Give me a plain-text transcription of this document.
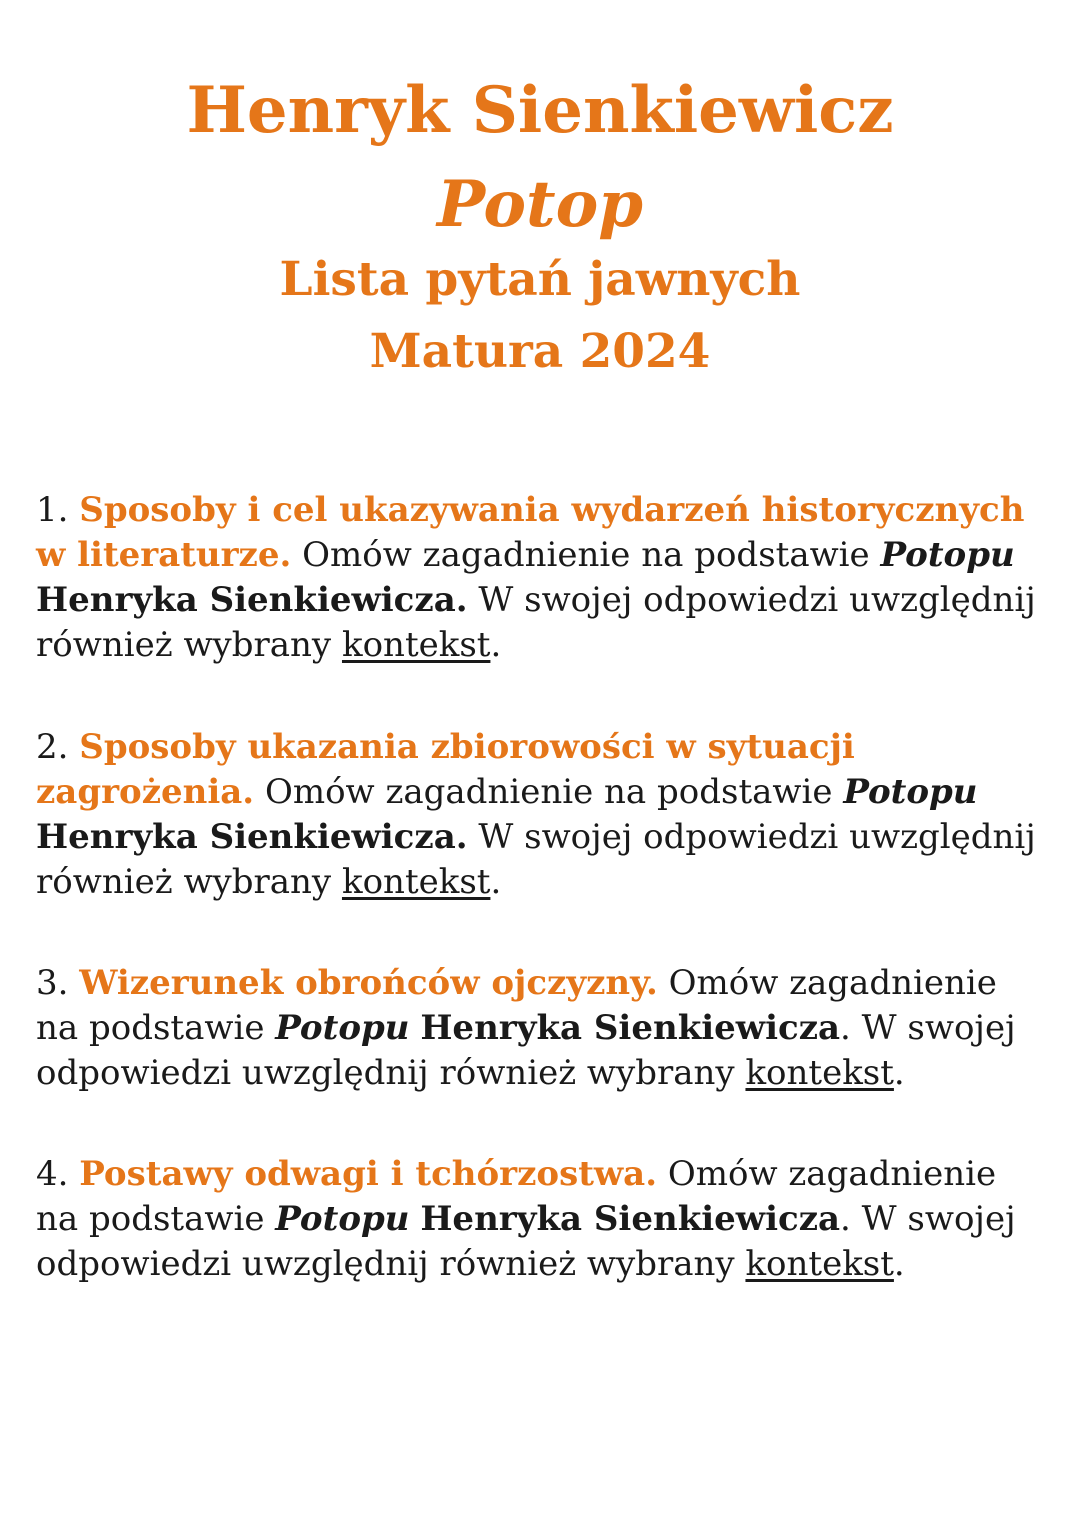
Henryk Sienkiewicz
Potop
Lista pytań jawnych
Matura 2024

1. Sposoby i cel ukazywania wydarzeń historycznych w literaturze. Omów zagadnienie na podstawie Potopu Henryka Sienkiewicza. W swojej odpowiedzi uwzględnij również wybrany kontekst.

2. Sposoby ukazania zbiorowości w sytuacji zagrożenia. Omów zagadnienie na podstawie Potopu Henryka Sienkiewicza. W swojej odpowiedzi uwzględnij również wybrany kontekst.

3. Wizerunek obrońców ojczyzny. Omów zagadnienie na podstawie Potopu Henryka Sienkiewicza. W swojej odpowiedzi uwzględnij również wybrany kontekst.

4. Postawy odwagi i tchórzostwa. Omów zagadnienie na podstawie Potopu Henryka Sienkiewicza. W swojej odpowiedzi uwzględnij również wybrany kontekst.
